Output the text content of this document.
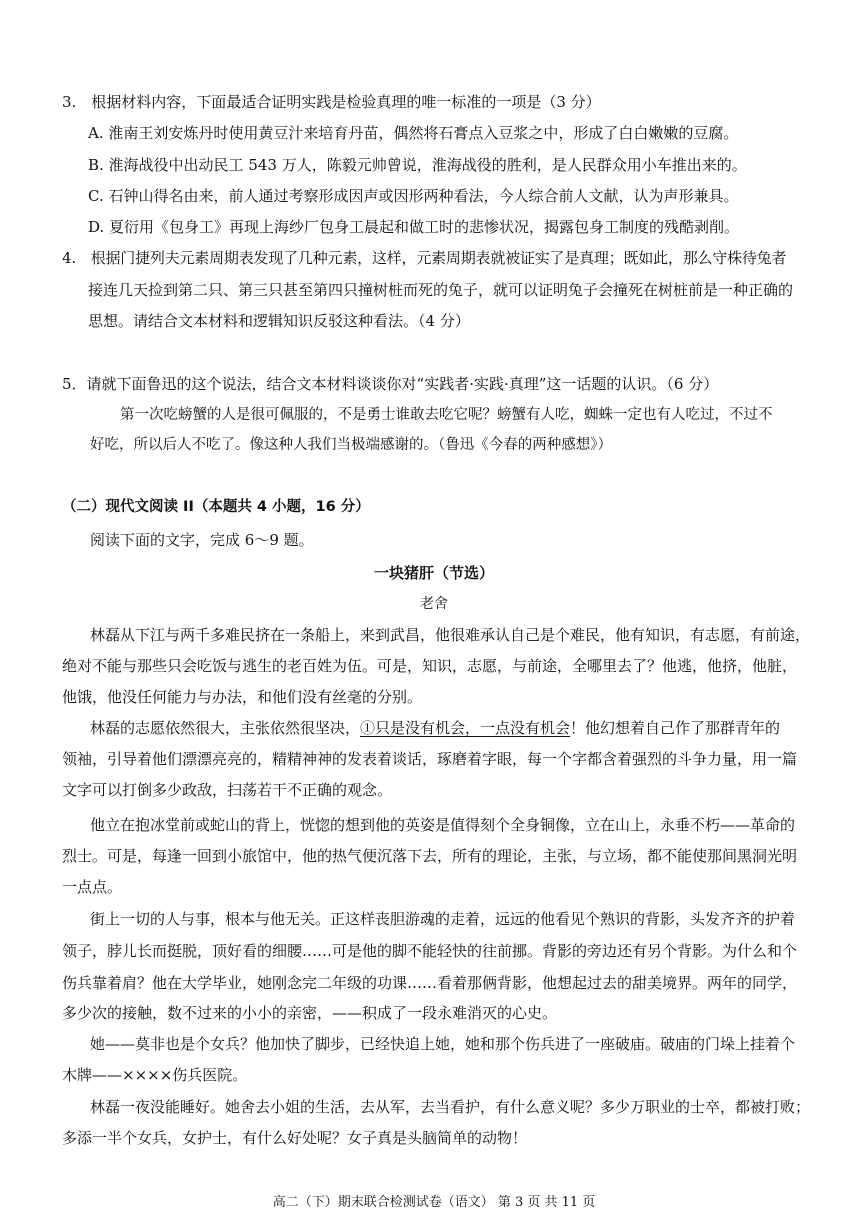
3.　根据材料内容，下面最适合证明实践是检验真理的唯一标准的一项是（3 分）
A. 淮南王刘安炼丹时使用黄豆汁来培育丹苗，偶然将石膏点入豆浆之中，形成了白白嫩嫩的豆腐。
B. 淮海战役中出动民工 543 万人，陈毅元帅曾说，淮海战役的胜利，是人民群众用小车推出来的。
C. 石钟山得名由来，前人通过考察形成因声或因形两种看法，今人综合前人文献，认为声形兼具。
D. 夏衍用《包身工》再现上海纱厂包身工晨起和做工时的悲惨状况，揭露包身工制度的残酷剥削。
4.　根据门捷列夫元素周期表发现了几种元素，这样，元素周期表就被证实了是真理；既如此，那么守株待兔者
接连几天捡到第二只、第三只甚至第四只撞树桩而死的兔子，就可以证明兔子会撞死在树桩前是一种正确的
思想。请结合文本材料和逻辑知识反驳这种看法。（4 分）
5．请就下面鲁迅的这个说法，结合文本材料谈谈你对“实践者·实践·真理”这一话题的认识。（6 分）
第一次吃螃蟹的人是很可佩服的，不是勇士谁敢去吃它呢？螃蟹有人吃，蜘蛛一定也有人吃过，不过不
好吃，所以后人不吃了。像这种人我们当极端感谢的。（鲁迅《今春的两种感想》）
（二）现代文阅读 II（本题共 4 小题，16 分）
阅读下面的文字，完成 6～9 题。
一块猪肝（节选）
老舍
林磊从下江与两千多难民挤在一条船上，来到武昌，他很难承认自己是个难民，他有知识，有志愿，有前途，
绝对不能与那些只会吃饭与逃生的老百姓为伍。可是，知识，志愿，与前途，全哪里去了？他逃，他挤，他脏，
他饿，他没任何能力与办法，和他们没有丝毫的分别。
林磊的志愿依然很大，主张依然很坚决，①只是没有机会，一点没有机会！他幻想着自己作了那群青年的
领袖，引导着他们漂漂亮亮的，精精神神的发表着谈话，琢磨着字眼，每一个字都含着强烈的斗争力量，用一篇
文字可以打倒多少政敌，扫荡若干不正确的观念。
他立在抱冰堂前或蛇山的背上，恍惚的想到他的英姿是值得刻个全身铜像，立在山上，永垂不朽——革命的
烈士。可是，每逢一回到小旅馆中，他的热气便沉落下去，所有的理论，主张，与立场，都不能使那间黑洞光明
一点点。
街上一切的人与事，根本与他无关。正这样丧胆游魂的走着，远远的他看见个熟识的背影，头发齐齐的护着
领子，脖儿长而挺脱，顶好看的细腰……可是他的脚不能轻快的往前挪。背影的旁边还有另个背影。为什么和个
伤兵靠着肩？他在大学毕业，她刚念完二年级的功课……看着那俩背影，他想起过去的甜美境界。两年的同学，
多少次的接触，数不过来的小小的亲密，——积成了一段永难消灭的心史。
她——莫非也是个女兵？他加快了脚步，已经快追上她，她和那个伤兵进了一座破庙。破庙的门垛上挂着个
木牌——××××伤兵医院。
林磊一夜没能睡好。她舍去小姐的生活，去从军，去当看护，有什么意义呢？多少万职业的士卒，都被打败；
多添一半个女兵，女护士，有什么好处呢？女子真是头脑简单的动物！
高二（下）期末联合检测试卷（语文） 第 3 页 共 11 页
